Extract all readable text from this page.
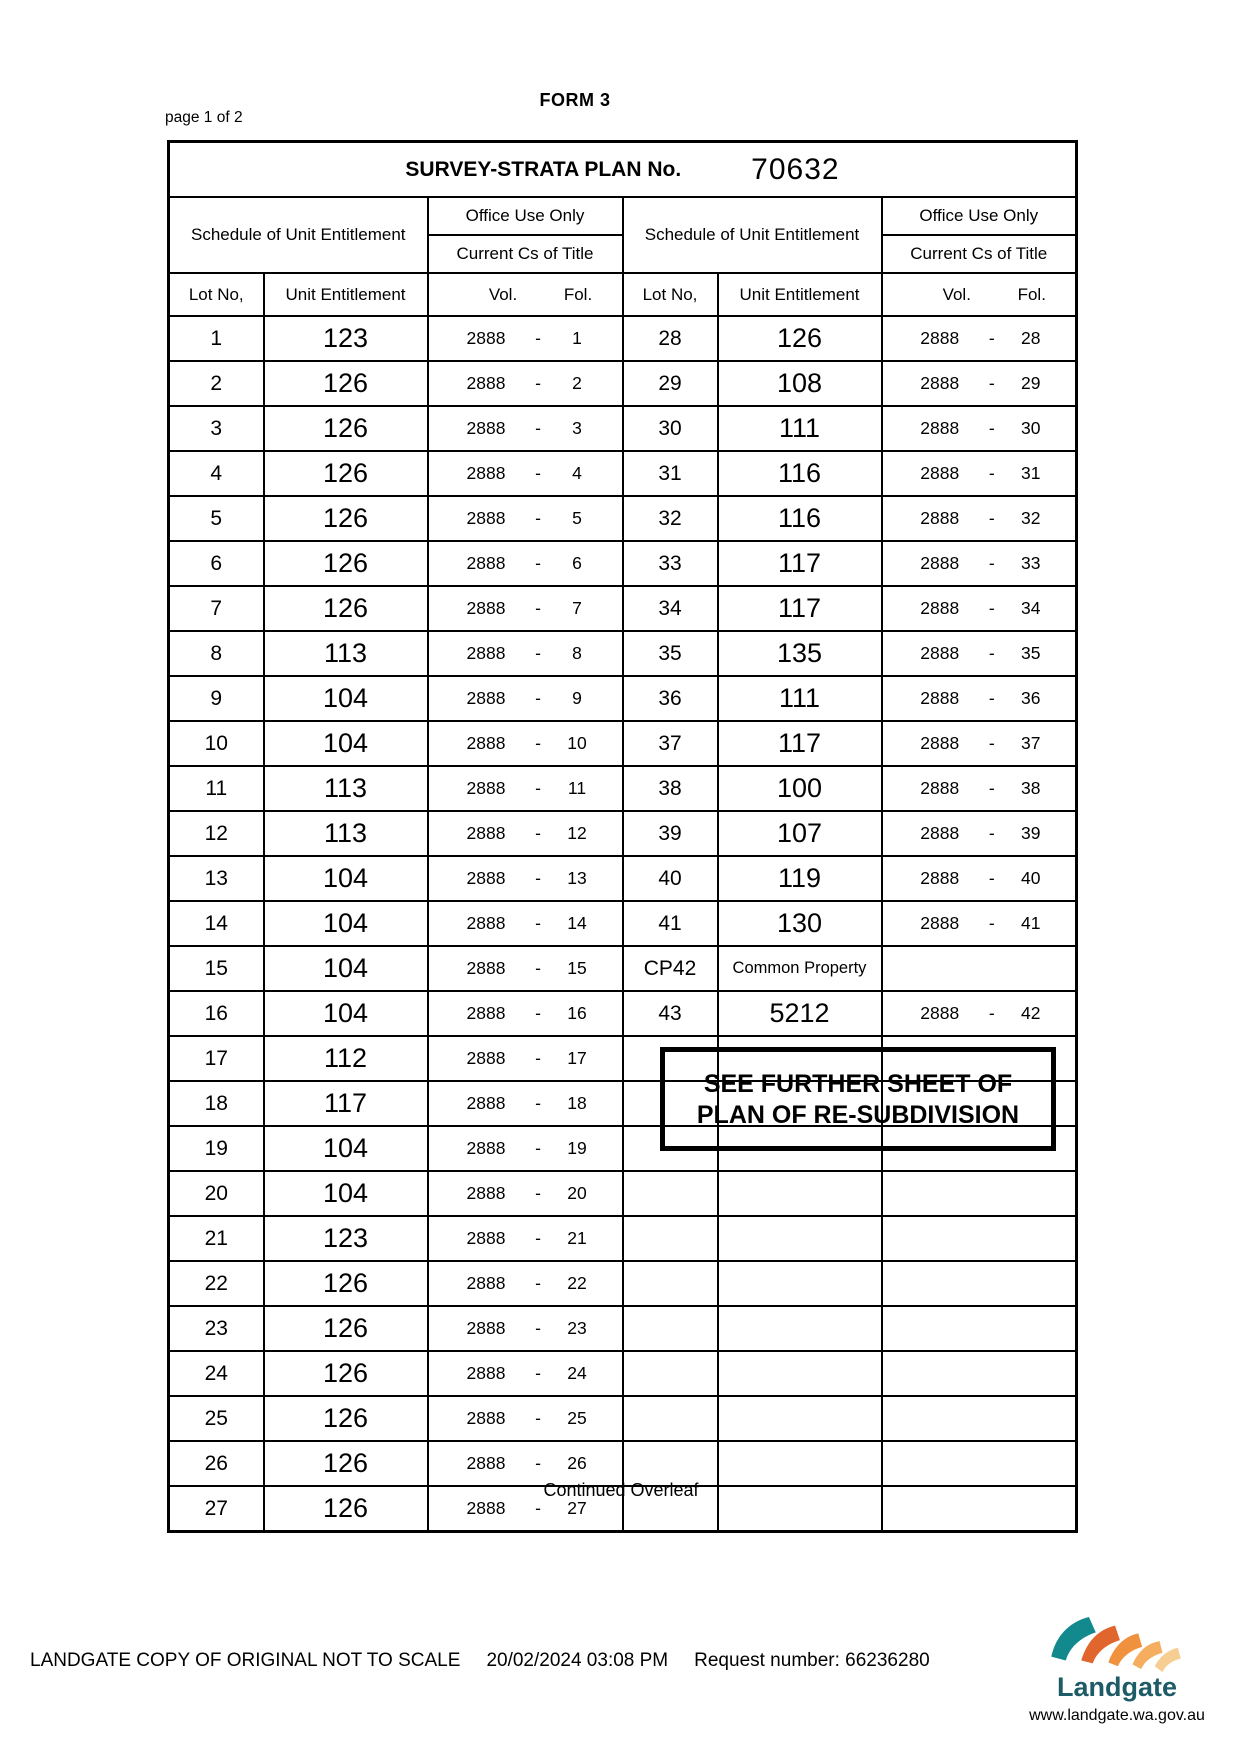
FORM 3
page 1 of 2
SURVEY-STRATA PLAN No. 70632					

Schedule of Unit Entitlement		Office Use Only	Schedule of Unit Entitlement		Office Use Only
		Current Cs of Title			Current Cs of Title
Lot No,	Unit Entitlement	Vol. Fol.	Lot No,	Unit Entitlement	Vol. Fol.

1	123	2888 - 1	28	126	2888 - 28

2	126	2888 - 2	29	108	2888 - 29

3	126	2888 - 3	30	111	2888 - 30

4	126	2888 - 4	31	116	2888 - 31

5	126	2888 - 5	32	116	2888 - 32

6	126	2888 - 6	33	117	2888 - 33

7	126	2888 - 7	34	117	2888 - 34

8	113	2888 - 8	35	135	2888 - 35

9	104	2888 - 9	36	111	2888 - 36

10	104	2888 - 10	37	117	2888 - 37

11	113	2888 - 11	38	100	2888 - 38

12	113	2888 - 12	39	107	2888 - 39

13	104	2888 - 13	40	119	2888 - 40

14	104	2888 - 14	41	130	2888 - 41

15	104	2888 - 15	CP42	Common Property	
16	104	2888 - 16	43	5212	2888 - 42

17	112	2888 - 17			

18	117	2888 - 18			

19	104	2888 - 19			

20	104	2888 - 20			

21	123	2888 - 21			

22	126	2888 - 22			

23	126	2888 - 23			

24	126	2888 - 24			

25	126	2888 - 25			

26	126	2888 - 26			

27	126	2888 - 27			

SEE FURTHER SHEET OF
PLAN OF RE-SUBDIVISION
Continued Overleaf
LANDGATE COPY OF ORIGINAL NOT TO SCALE 20/02/2024 03:08 PM Request number: 66236280
Landgate
www.landgate.wa.gov.au
